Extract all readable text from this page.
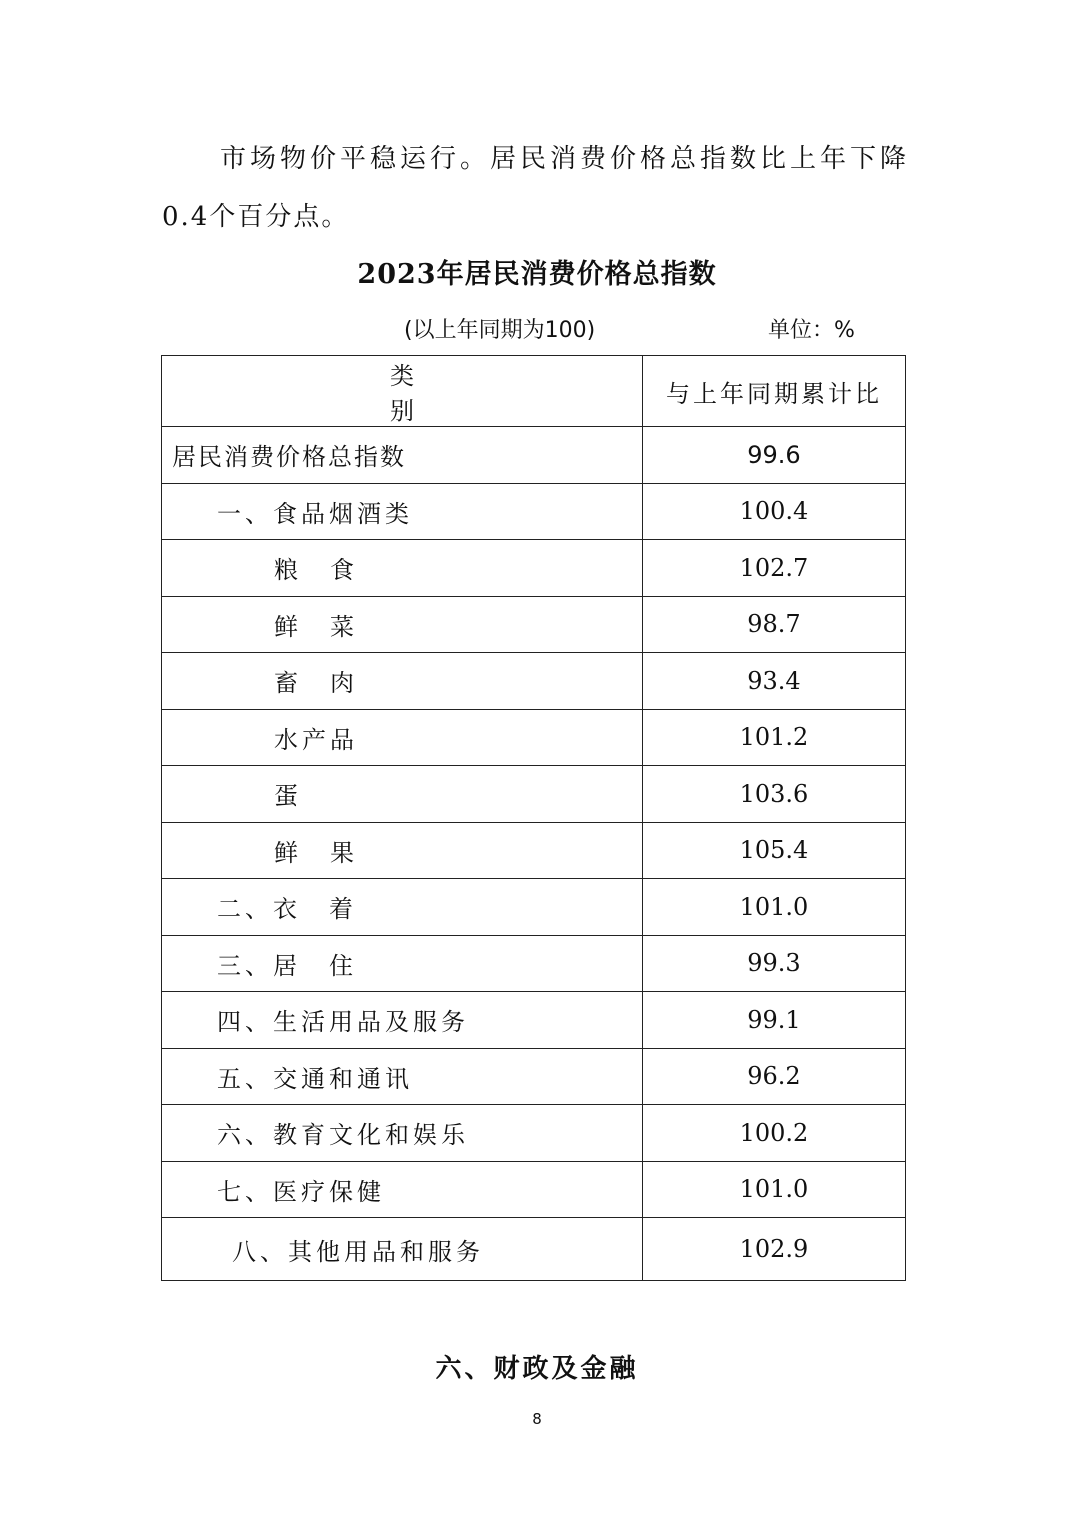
市场物价平稳运行。居民消费价格总指数比上年下降
0.4个百分点。

2023年居民消费价格总指数
(以上年同期为100)	单位：%
类　　别	与上年同期累计比
居民消费价格总指数	99.6
一、食品烟酒类	100.4
粮　食	102.7
鲜　菜	98.7
畜　肉	93.4
水产品	101.2
蛋	103.6
鲜　果	105.4
二、衣　着	101.0
三、居　住	99.3
四、生活用品及服务	99.1
五、交通和通讯	96.2
六、教育文化和娱乐	100.2
七、医疗保健	101.0
八、其他用品和服务	102.9
六、财政及金融
8
